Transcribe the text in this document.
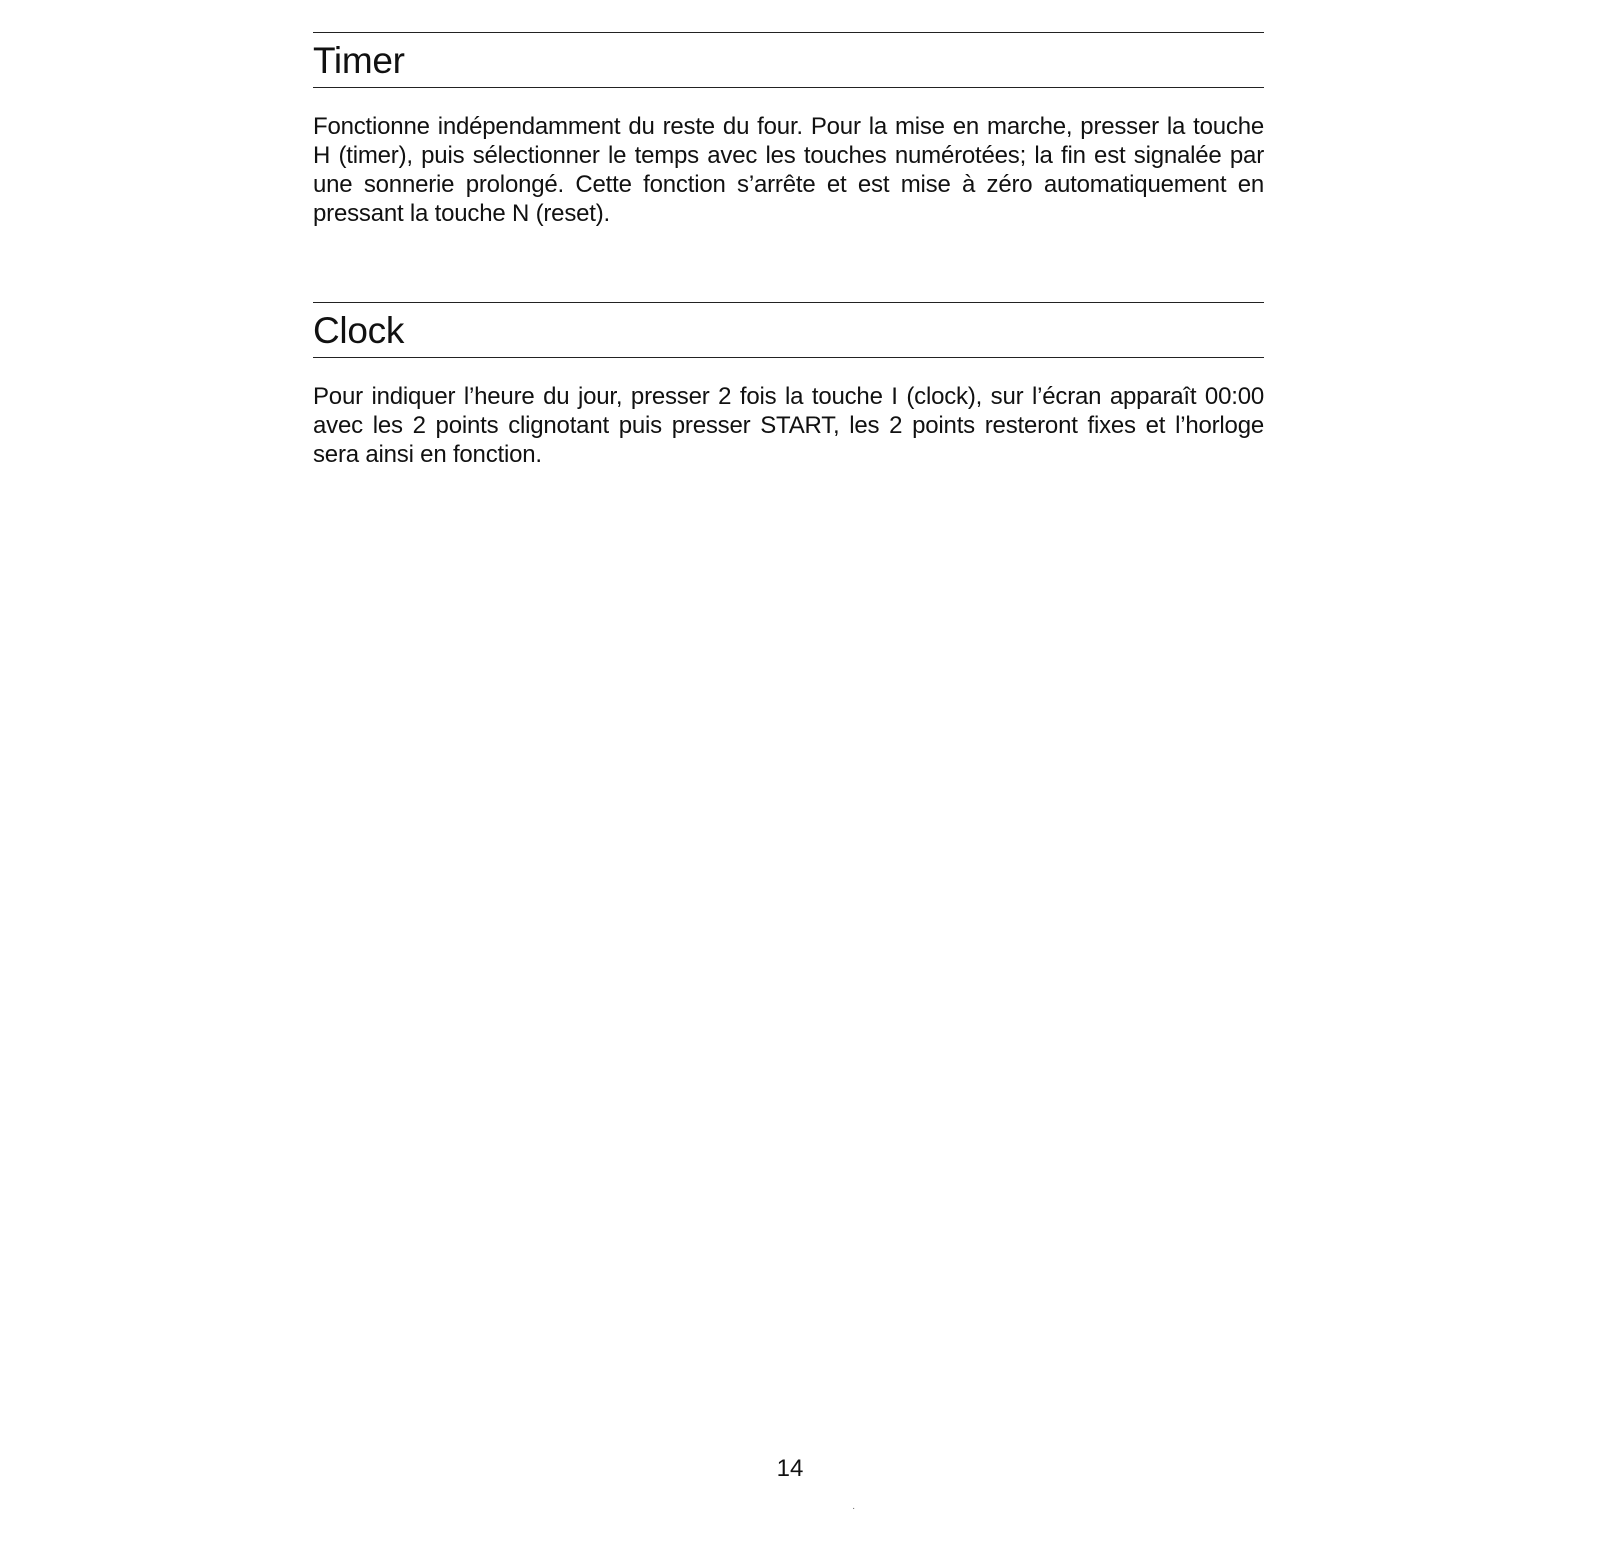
Timer

Fonctionne indépendamment du reste du four. Pour la mise en marche, presser la touche H (timer), puis sélectionner le temps avec les touches numérotées; la fin est signalée par une sonnerie prolongé. Cette fonction s’arrête et est mise à zéro automatiquement en pressant la touche N (reset).

Clock

Pour indiquer l’heure du jour, presser 2 fois la touche I (clock), sur l’écran apparaît 00:00 avec les 2 points clignotant puis presser START, les 2 points resteront fixes et l’horloge sera ainsi en fonction.

14
·
